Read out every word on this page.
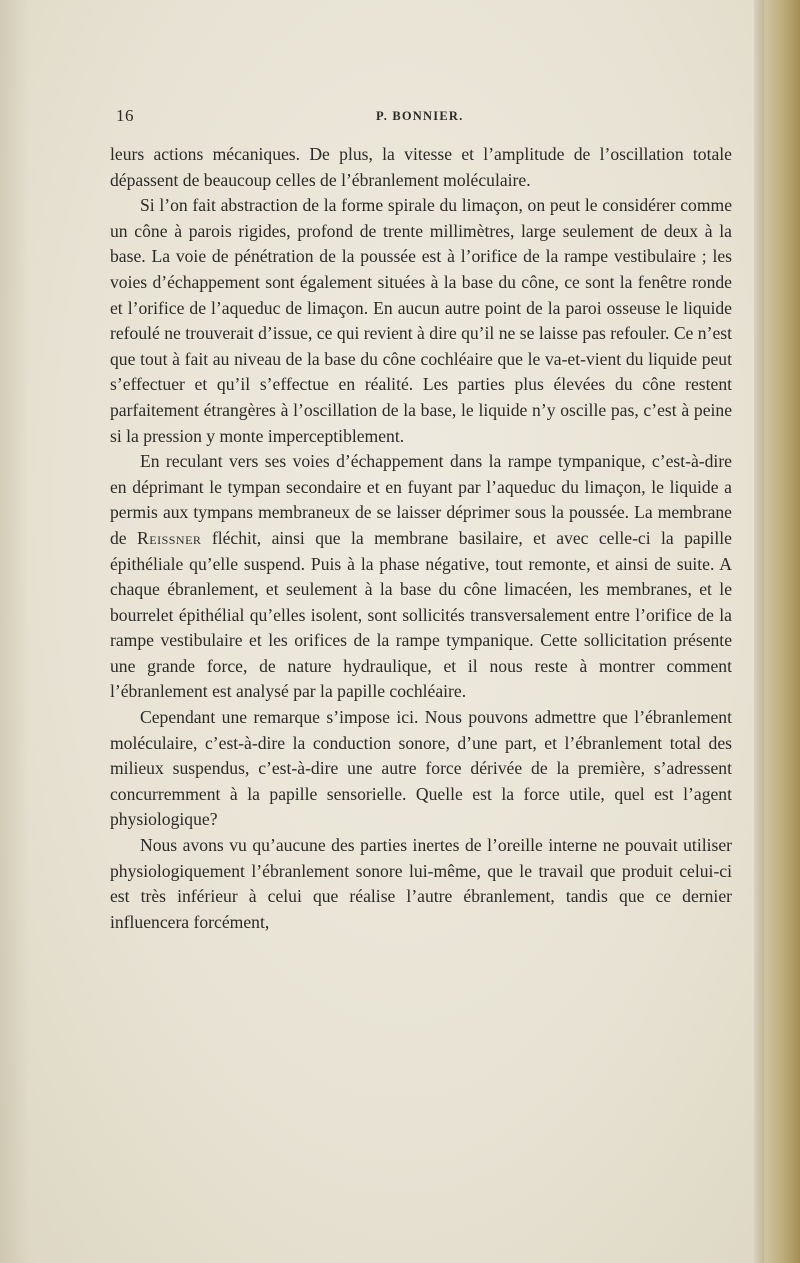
16	P. BONNIER.

leurs actions mécaniques. De plus, la vitesse et l’amplitude de l’oscillation totale dépassent de beaucoup celles de l’ébranlement moléculaire.

Si l’on fait abstraction de la forme spirale du limaçon, on peut le considérer comme un cône à parois rigides, profond de trente millimètres, large seulement de deux à la base. La voie de pénétration de la poussée est à l’orifice de la rampe vestibulaire ; les voies d’échappement sont également situées à la base du cône, ce sont la fenêtre ronde et l’orifice de l’aqueduc de limaçon. En aucun autre point de la paroi osseuse le liquide refoulé ne trouverait d’issue, ce qui revient à dire qu’il ne se laisse pas refouler. Ce n’est que tout à fait au niveau de la base du cône cochléaire que le va-et-vient du liquide peut s’effectuer et qu’il s’effectue en réalité. Les parties plus élevées du cône restent parfaitement étrangères à l’oscillation de la base, le liquide n’y oscille pas, c’est à peine si la pression y monte imperceptiblement.

En reculant vers ses voies d’échappement dans la rampe tympanique, c’est-à-dire en déprimant le tympan secondaire et en fuyant par l’aqueduc du limaçon, le liquide a permis aux tympans membraneux de se laisser déprimer sous la poussée. La membrane de Reissner fléchit, ainsi que la membrane basilaire, et avec celle-ci la papille épithéliale qu’elle suspend. Puis à la phase négative, tout remonte, et ainsi de suite. A chaque ébranlement, et seulement à la base du cône limacéen, les membranes, et le bourrelet épithélial qu’elles isolent, sont sollicités transversalement entre l’orifice de la rampe vestibulaire et les orifices de la rampe tympanique. Cette sollicitation présente une grande force, de nature hydraulique, et il nous reste à montrer comment l’ébranlement est analysé par la papille cochléaire.

Cependant une remarque s’impose ici. Nous pouvons admettre que l’ébranlement moléculaire, c’est-à-dire la conduction sonore, d’une part, et l’ébranlement total des milieux suspendus, c’est-à-dire une autre force dérivée de la première, s’adressent concurremment à la papille sensorielle. Quelle est la force utile, quel est l’agent physiologique?

Nous avons vu qu’aucune des parties inertes de l’oreille interne ne pouvait utiliser physiologiquement l’ébranlement sonore lui-même, que le travail que produit celui-ci est très inférieur à celui que réalise l’autre ébranlement, tandis que ce dernier influencera forcément,
